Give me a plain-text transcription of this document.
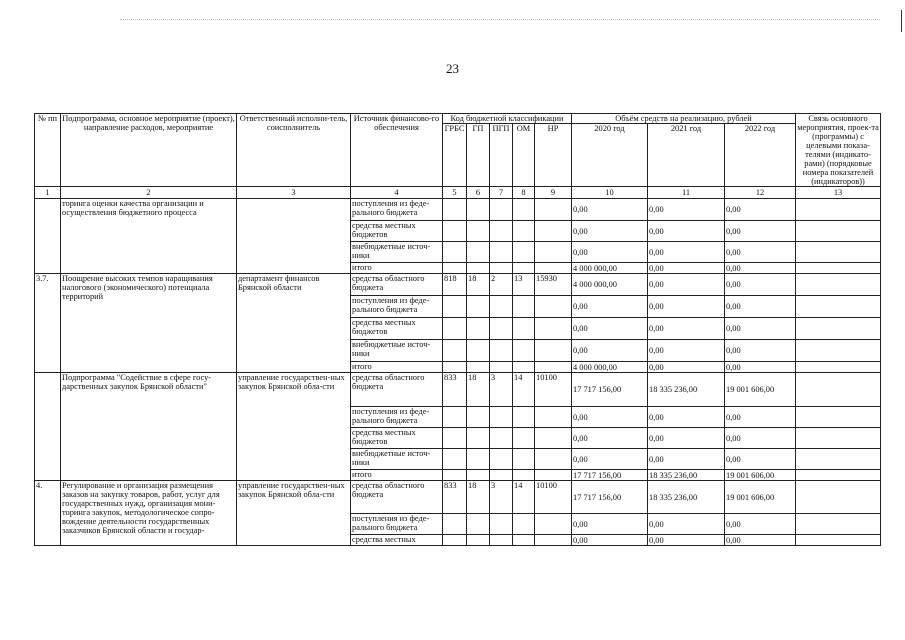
23
№ пп	Подпрограмма, основное мероприятие (проект), направление расходов, мероприятие	Ответственный исполни-тель, соисполнитель	Источник финансово-го обеспечения	Код бюджетной классификации					Объём средств на реализацию, рублей			Связь основного мероприятия, проек-та (программы) с целевыми показа-телями (индикато-рами) (порядковые номера показателей (индикаторов))
				ГРБС	ГП	ПГП	ОМ	НР	2020 год	2021 год	2022 год	
1	2	3	4	5	6	7	8	9	10	11	12	13
	торинга оценки качества организации и осуществления бюджетного процесса		поступления из феде-рального бюджета						0,00	0,00	0,00	
			средства местных бюджетов						0,00	0,00	0,00	
			внебюджетные источ-ники						0,00	0,00	0,00	
			итого						4 000 000,00	0,00	0,00	
3.7.	Поощрение высоких темпов наращивания налогового (экономического) потенциала территорий	департамент финансов Брянской области	средства областного бюджета	818	18	2	13	15930	4 000 000,00	0,00	0,00	
			поступления из феде-рального бюджета						0,00	0,00	0,00	
			средства местных бюджетов						0,00	0,00	0,00	
			внебюджетные источ-ники						0,00	0,00	0,00	
			итого						4 000 000,00	0,00	0,00	
	Подпрограмма "Содействие в сфере госу-дарственных закупок Брянской области"	управление государствен-ных закупок Брянской обла-сти	средства областного бюджета	833	18	3	14	10100	17 717 156,00	18 335 236,00	19 001 606,00	
			поступления из феде-рального бюджета						0,00	0,00	0,00	
			средства местных бюджетов						0,00	0,00	0,00	
			внебюджетные источ-ники						0,00	0,00	0,00	
			итого						17 717 156,00	18 335 236,00	19 001 606,00	
4.	Регулирование и организация размещения заказов на закупку товаров, работ, услуг для государственных нужд, организация мони-торинга закупок, методологическое сопро-вождение деятельности государственных заказчиков Брянской области и государ-	управление государствен-ных закупок Брянской обла-сти	средства областного бюджета	833	18	3	14	10100	17 717 156,00	18 335 236,00	19 001 606,00	
			поступления из феде-рального бюджета						0,00	0,00	0,00	
			средства местных						0,00	0,00	0,00	
